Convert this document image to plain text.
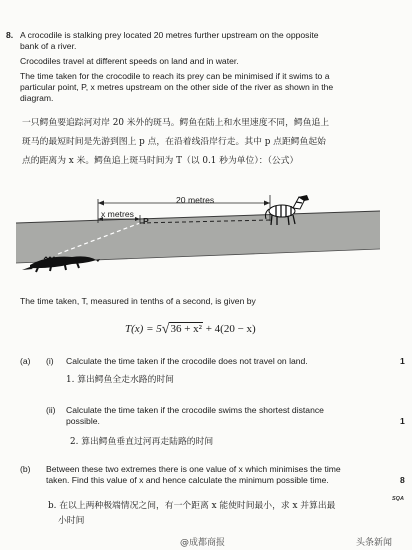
8. A crocodile is stalking prey located 20 metres further upstream on the opposite
bank of a river.
Crocodiles travel at different speeds on land and in water.
The time taken for the crocodile to reach its prey can be minimised if it swims to a
particular point, P, x metres upstream on the other side of the river as shown in the
diagram.
一只鳄鱼要追踪河对岸 20 米外的斑马。鳄鱼在陆上和水里速度不同，鳄鱼追上
斑马的最短时间是先游到图上 p 点，在沿着线沿岸行走。其中 p 点距鳄鱼起始
点的距离为 x 米。鳄鱼追上斑马时间为 T（以 0.1 秒为单位）：（公式）
20 metres
x metres
P
The time taken, T, measured in tenths of a second, is given by
T(x) = 5√36 + x² + 4(20 − x)
(a) (i) Calculate the time taken if the crocodile does not travel on land.	1
1. 算出鳄鱼全走水路的时间
(ii) Calculate the time taken if the crocodile swims the shortest distance
possible.	1
2. 算出鳄鱼垂直过河再走陆路的时间
(b) Between these two extremes there is one value of x which minimises the time
taken. Find this value of x and hence calculate the minimum possible time.	8
SQA
b. 在以上两种极端情况之间，有一个距离 x 能使时间最小，求 x 并算出最
小时间
@成都商报	头条新闻
